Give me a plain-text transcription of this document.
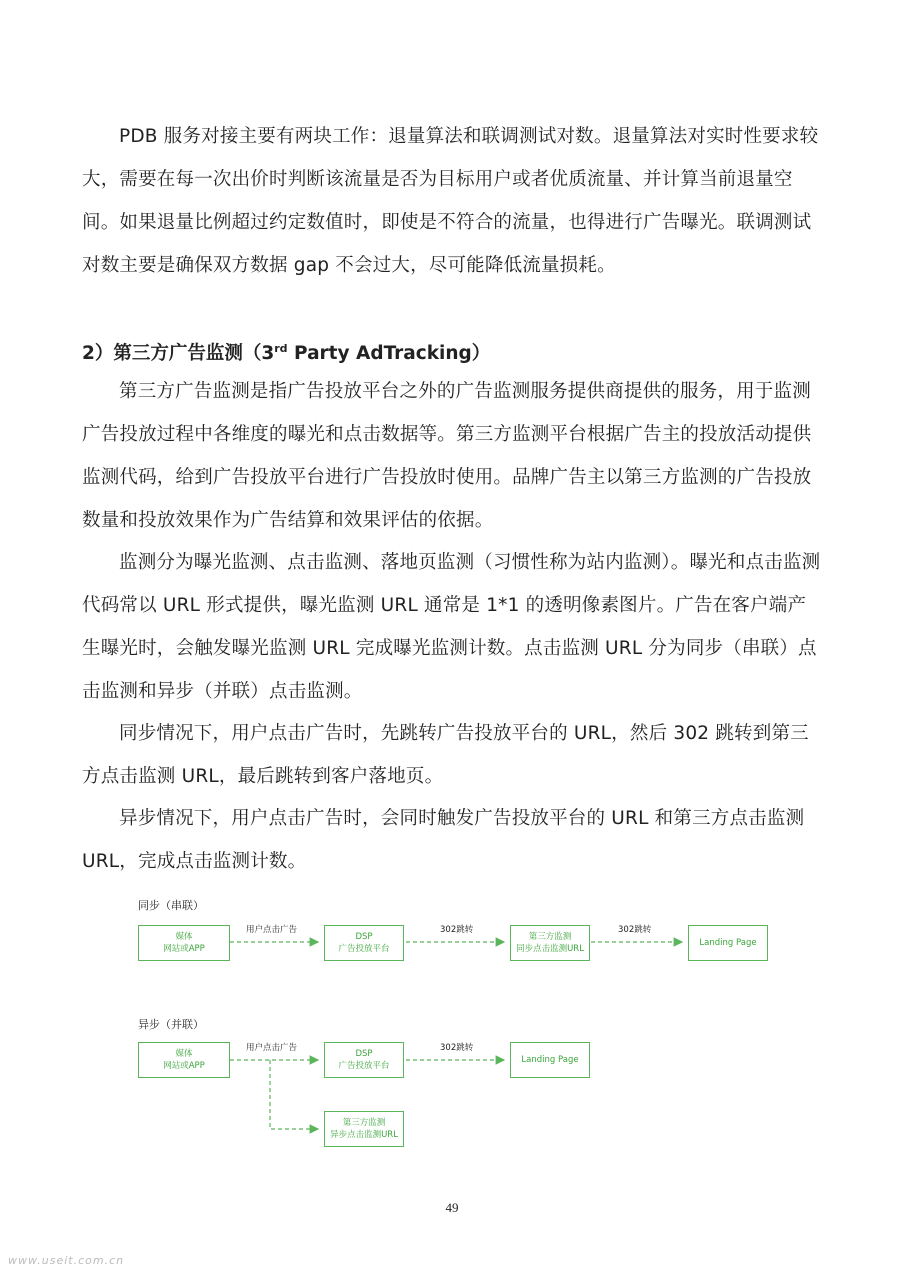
PDB 服务对接主要有两块工作：退量算法和联调测试对数。退量算法对实时性要求较大，需要在每一次出价时判断该流量是否为目标用户或者优质流量、并计算当前退量空间。如果退量比例超过约定数值时，即使是不符合的流量，也得进行广告曝光。联调测试对数主要是确保双方数据 gap 不会过大，尽可能降低流量损耗。

2）第三方广告监测（3rd Party AdTracking）

第三方广告监测是指广告投放平台之外的广告监测服务提供商提供的服务，用于监测广告投放过程中各维度的曝光和点击数据等。第三方监测平台根据广告主的投放活动提供监测代码，给到广告投放平台进行广告投放时使用。品牌广告主以第三方监测的广告投放数量和投放效果作为广告结算和效果评估的依据。

监测分为曝光监测、点击监测、落地页监测（习惯性称为站内监测）。曝光和点击监测代码常以 URL 形式提供，曝光监测 URL 通常是 1*1 的透明像素图片。广告在客户端产生曝光时，会触发曝光监测 URL 完成曝光监测计数。点击监测 URL 分为同步（串联）点击监测和异步（并联）点击监测。

同步情况下，用户点击广告时，先跳转广告投放平台的 URL，然后 302 跳转到第三方点击监测 URL，最后跳转到客户落地页。

异步情况下，用户点击广告时，会同时触发广告投放平台的 URL 和第三方点击监测 URL，完成点击监测计数。

同步（串联）
媒体
网站或APP
DSP
广告投放平台
第三方监测
同步点击监测URL
Landing Page
用户点击广告	302跳转	302跳转
异步（并联）
媒体
网站或APP
DSP
广告投放平台
Landing Page
第三方监测
异步点击监测URL
用户点击广告	302跳转
49
www.useit.com.cn
